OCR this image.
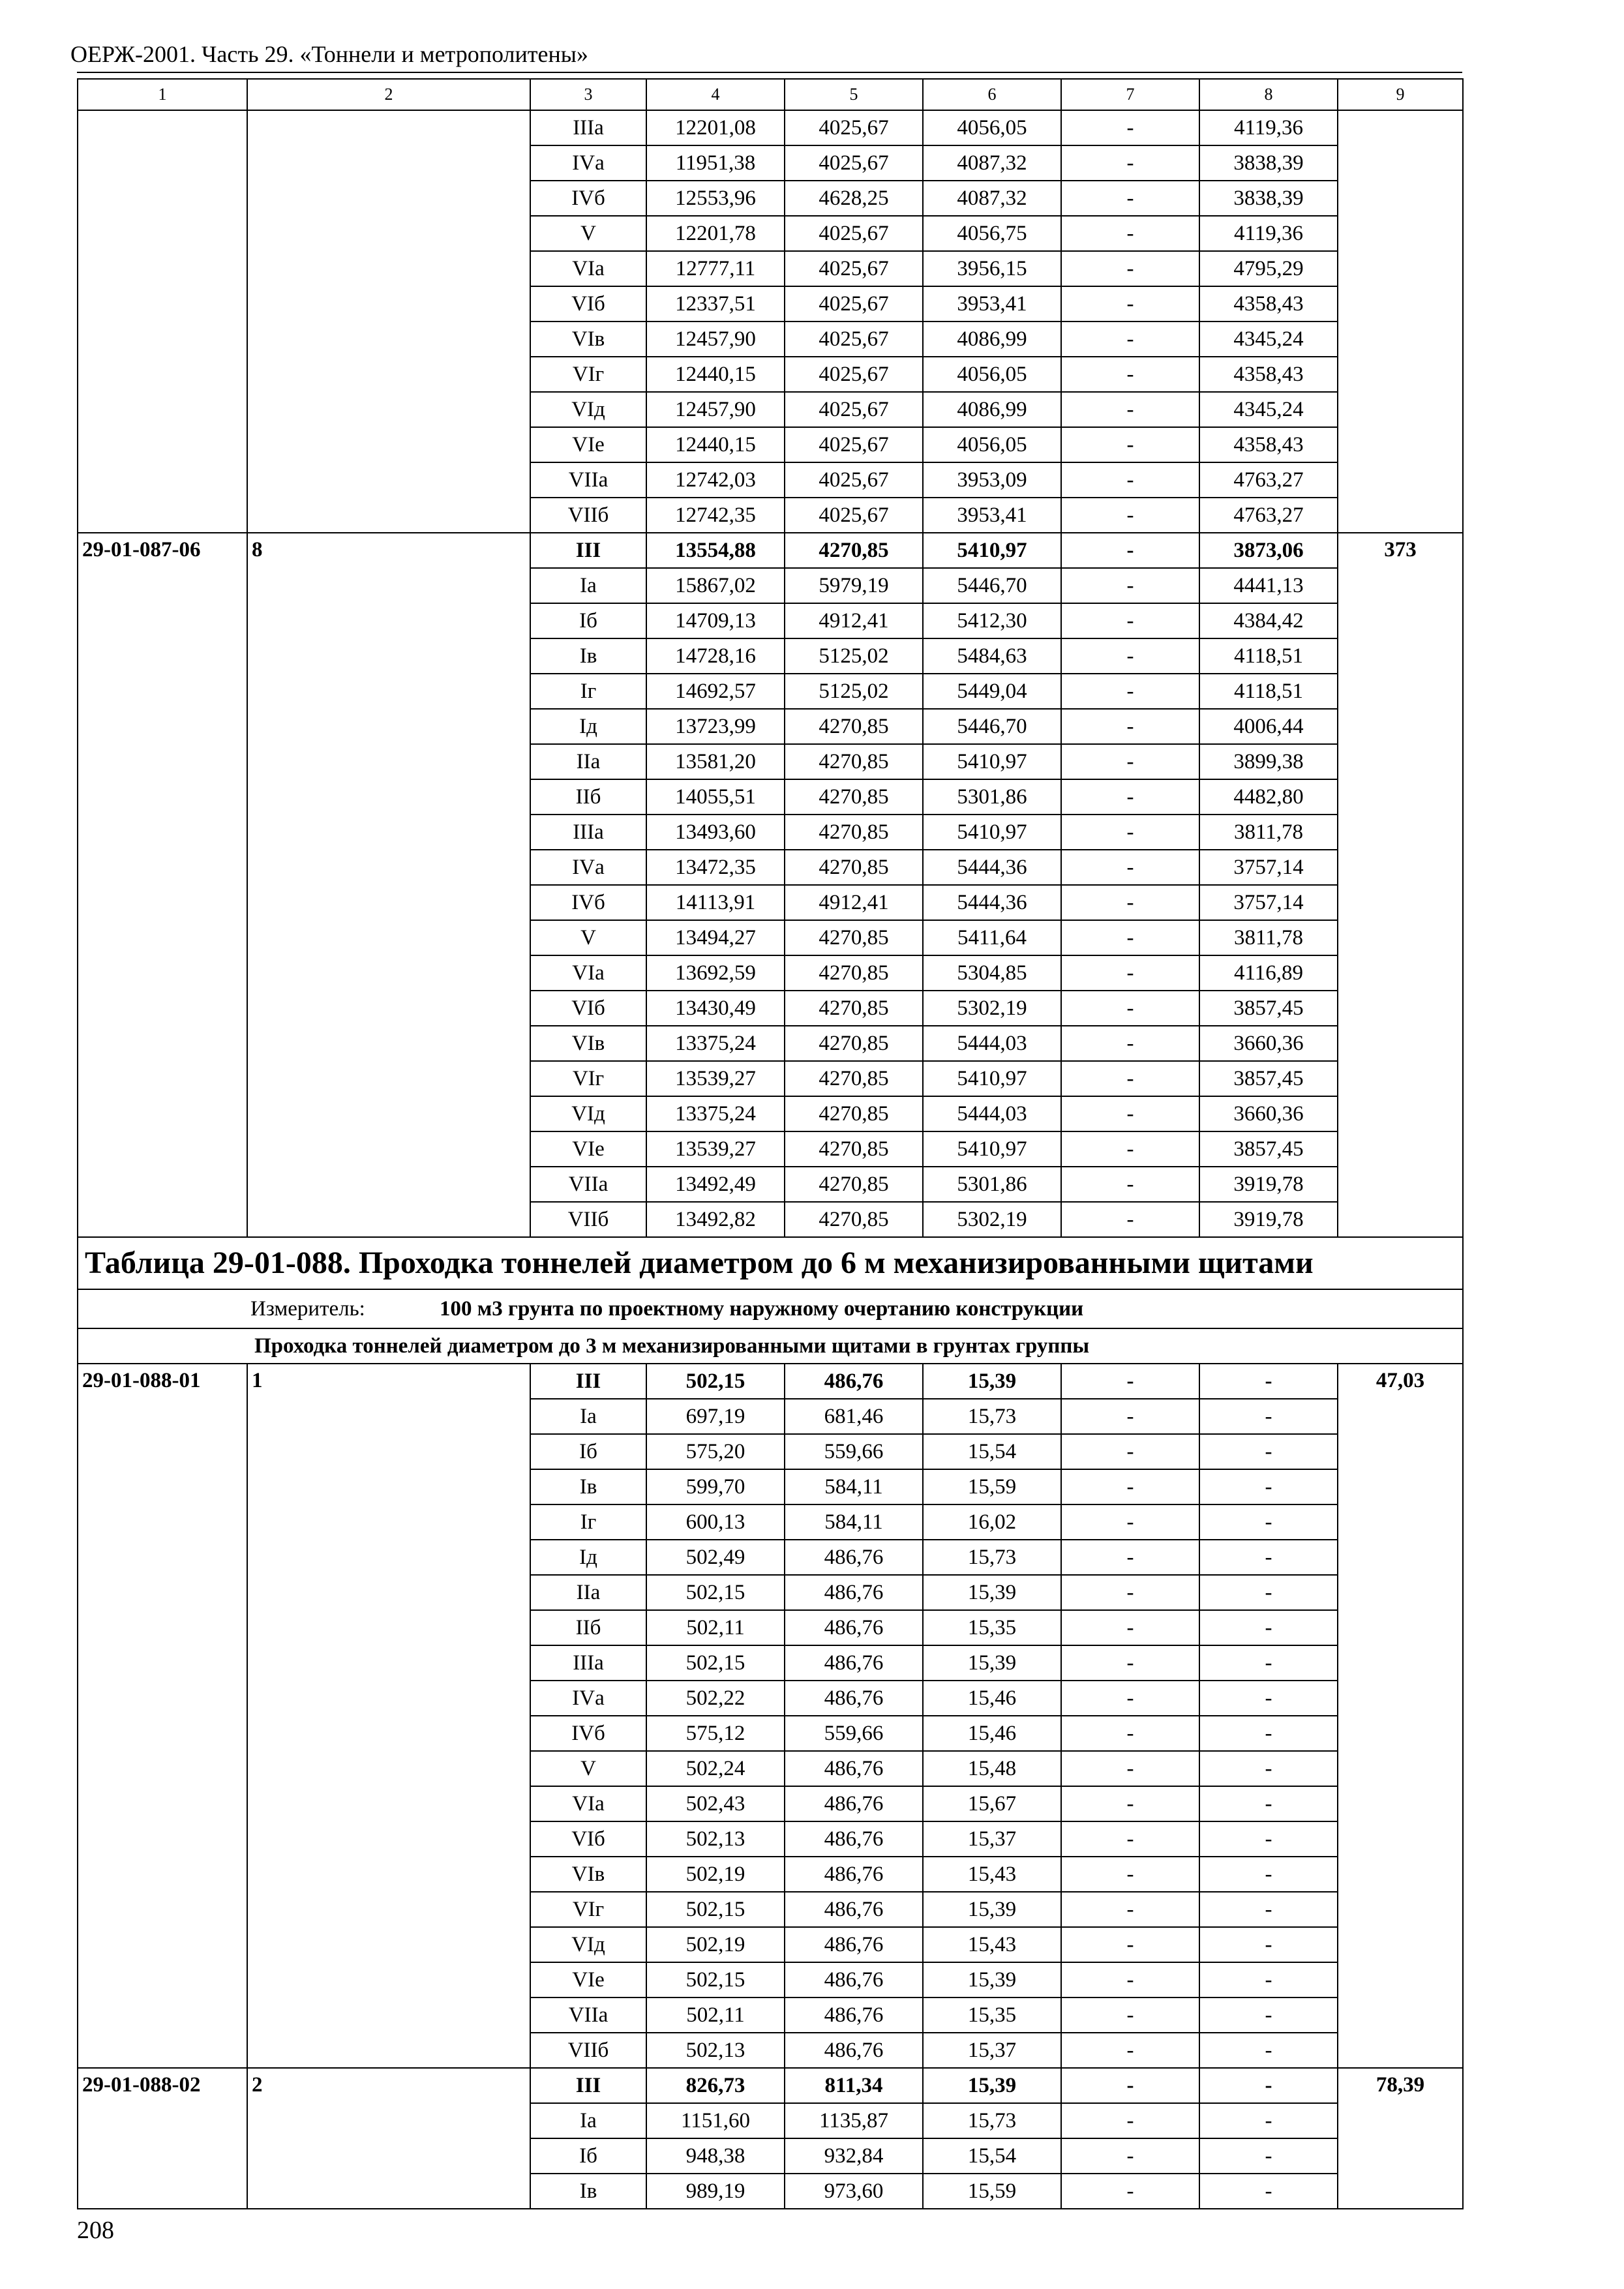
ОЕРЖ-2001. Часть 29. «Тоннели и метрополитены»
1	2	3	4	5	6	7	8	9
		IIIа	12201,08	4025,67	4056,05	-	4119,36	
		IVа	11951,38	4025,67	4087,32	-	3838,39	
		IVб	12553,96	4628,25	4087,32	-	3838,39	
		V	12201,78	4025,67	4056,75	-	4119,36	
		VIа	12777,11	4025,67	3956,15	-	4795,29	
		VIб	12337,51	4025,67	3953,41	-	4358,43	
		VIв	12457,90	4025,67	4086,99	-	4345,24	
		VIг	12440,15	4025,67	4056,05	-	4358,43	
		VIд	12457,90	4025,67	4086,99	-	4345,24	
		VIе	12440,15	4025,67	4056,05	-	4358,43	
		VIIа	12742,03	4025,67	3953,09	-	4763,27	
		VIIб	12742,35	4025,67	3953,41	-	4763,27	
29-01-087-06	8	III	13554,88	4270,85	5410,97	-	3873,06	373
		Iа	15867,02	5979,19	5446,70	-	4441,13	
		Iб	14709,13	4912,41	5412,30	-	4384,42	
		Iв	14728,16	5125,02	5484,63	-	4118,51	
		Iг	14692,57	5125,02	5449,04	-	4118,51	
		Iд	13723,99	4270,85	5446,70	-	4006,44	
		IIа	13581,20	4270,85	5410,97	-	3899,38	
		IIб	14055,51	4270,85	5301,86	-	4482,80	
		IIIа	13493,60	4270,85	5410,97	-	3811,78	
		IVа	13472,35	4270,85	5444,36	-	3757,14	
		IVб	14113,91	4912,41	5444,36	-	3757,14	
		V	13494,27	4270,85	5411,64	-	3811,78	
		VIа	13692,59	4270,85	5304,85	-	4116,89	
		VIб	13430,49	4270,85	5302,19	-	3857,45	
		VIв	13375,24	4270,85	5444,03	-	3660,36	
		VIг	13539,27	4270,85	5410,97	-	3857,45	
		VIд	13375,24	4270,85	5444,03	-	3660,36	
		VIе	13539,27	4270,85	5410,97	-	3857,45	
		VIIа	13492,49	4270,85	5301,86	-	3919,78	
		VIIб	13492,82	4270,85	5302,19	-	3919,78	
Таблица 29-01-088. Проходка тоннелей диаметром до 6 м механизированными щитами								
Измеритель: 100 м3 грунта по проектному наружному очертанию конструкции								
Проходка тоннелей диаметром до 3 м механизированными щитами в грунтах группы								
29-01-088-01	1	III	502,15	486,76	15,39	-	-	47,03
		Iа	697,19	681,46	15,73	-	-	
		Iб	575,20	559,66	15,54	-	-	
		Iв	599,70	584,11	15,59	-	-	
		Iг	600,13	584,11	16,02	-	-	
		Iд	502,49	486,76	15,73	-	-	
		IIа	502,15	486,76	15,39	-	-	
		IIб	502,11	486,76	15,35	-	-	
		IIIа	502,15	486,76	15,39	-	-	
		IVа	502,22	486,76	15,46	-	-	
		IVб	575,12	559,66	15,46	-	-	
		V	502,24	486,76	15,48	-	-	
		VIа	502,43	486,76	15,67	-	-	
		VIб	502,13	486,76	15,37	-	-	
		VIв	502,19	486,76	15,43	-	-	
		VIг	502,15	486,76	15,39	-	-	
		VIд	502,19	486,76	15,43	-	-	
		VIе	502,15	486,76	15,39	-	-	
		VIIа	502,11	486,76	15,35	-	-	
		VIIб	502,13	486,76	15,37	-	-	
29-01-088-02	2	III	826,73	811,34	15,39	-	-	78,39
		Iа	1151,60	1135,87	15,73	-	-	
		Iб	948,38	932,84	15,54	-	-	
		Iв	989,19	973,60	15,59	-	-	
208
